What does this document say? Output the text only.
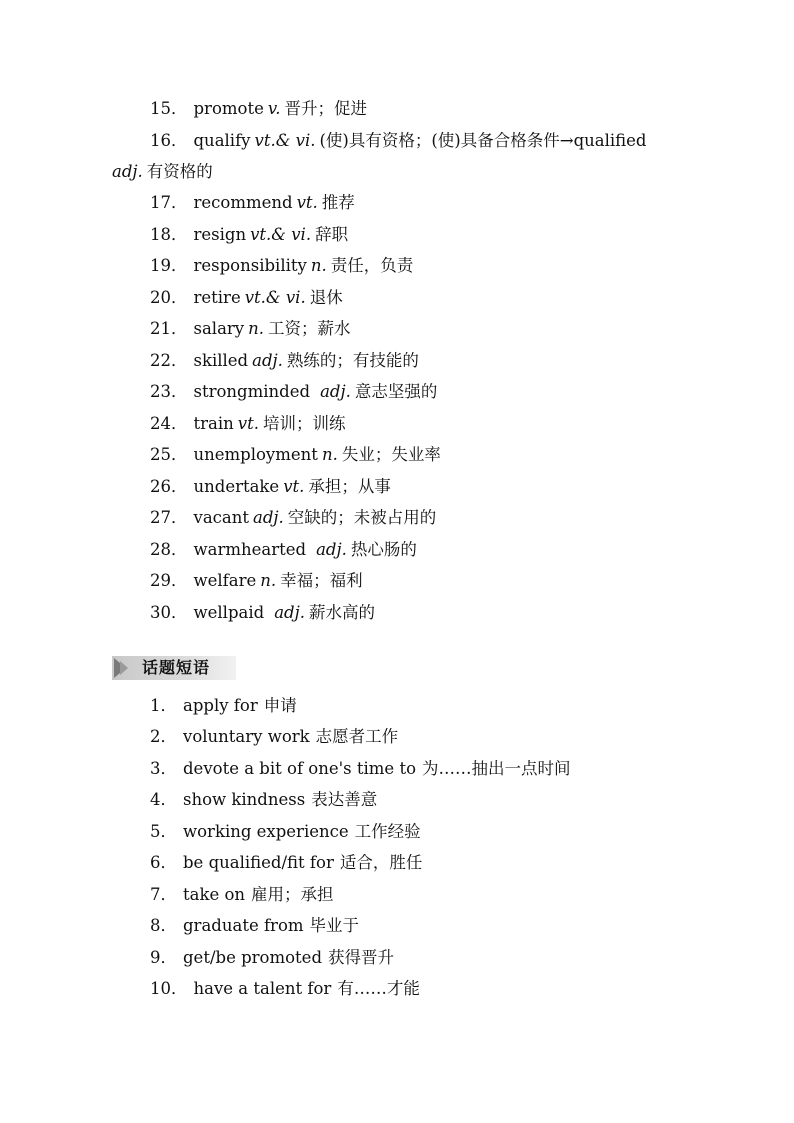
15． promote v. 晋升；促进
16． qualify vt.& vi. (使)具有资格；(使)具备合格条件→qualified
adj. 有资格的
17． recommend vt. 推荐
18． resign vt.& vi. 辞职
19． responsibility n. 责任，负责
20． retire vt.& vi. 退休
21． salary n. 工资；薪水
22． skilled adj. 熟练的；有技能的
23． strongminded adj. 意志坚强的
24． train vt. 培训；训练
25． unemployment n. 失业；失业率
26． undertake vt. 承担；从事
27． vacant adj. 空缺的；未被占用的
28． warmhearted adj. 热心肠的
29． welfare n. 幸福；福利
30． wellpaid adj. 薪水高的
话题短语
1． apply for 申请
2． voluntary work 志愿者工作
3． devote a bit of one's time to 为……抽出一点时间
4． show kindness 表达善意
5． working experience 工作经验
6． be qualified/fit for 适合，胜任
7． take on 雇用；承担
8． graduate from 毕业于
9． get/be promoted 获得晋升
10． have a talent for 有……才能
